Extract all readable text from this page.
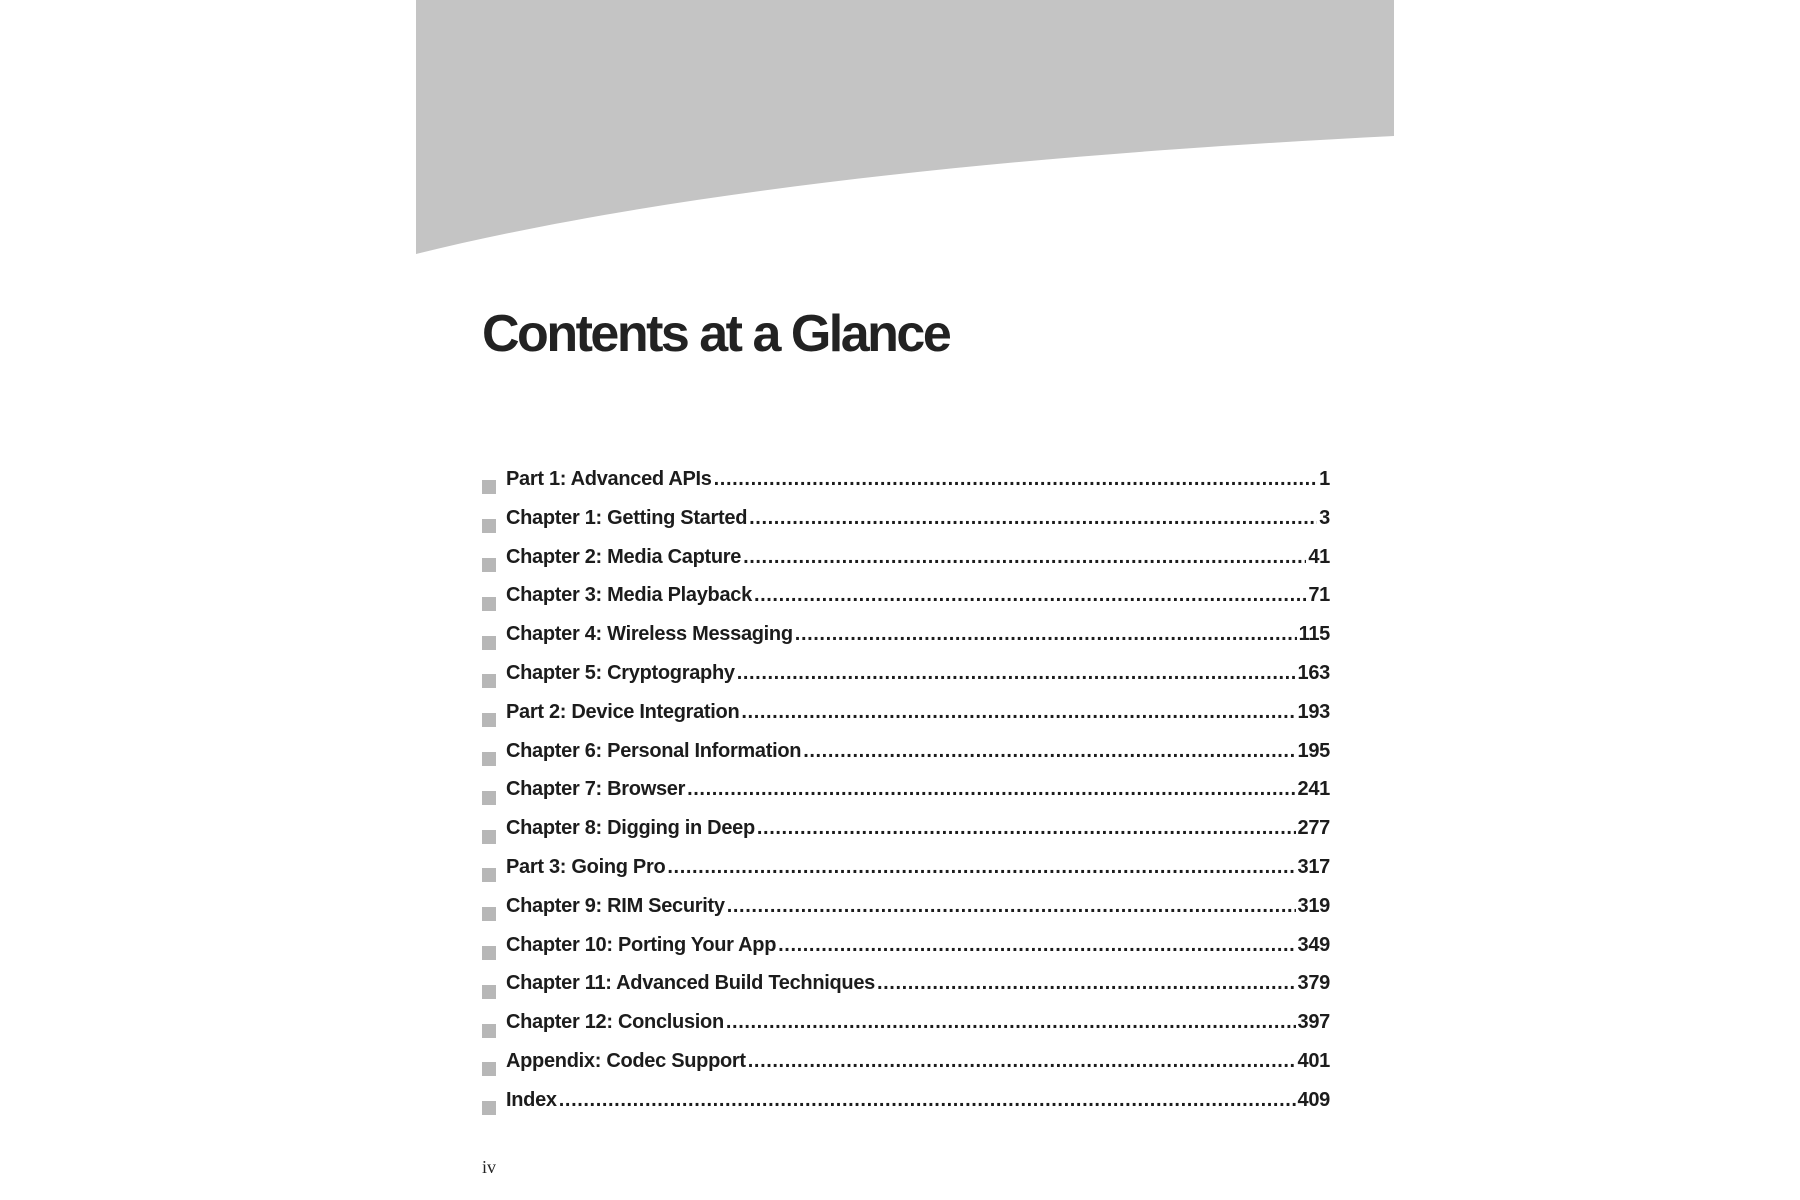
Contents at a Glance
Part 1: Advanced APIs .....	1
Chapter 1: Getting Started .....	3
Chapter 2: Media Capture .....	41
Chapter 3: Media Playback .....	71
Chapter 4: Wireless Messaging .....	115
Chapter 5: Cryptography .....	163
Part 2: Device Integration .....	193
Chapter 6: Personal Information .....	195
Chapter 7: Browser .....	241
Chapter 8: Digging in Deep .....	277
Part 3: Going Pro .....	317
Chapter 9: RIM Security .....	319
Chapter 10: Porting Your App .....	349
Chapter 11: Advanced Build Techniques .....	379
Chapter 12: Conclusion .....	397
Appendix: Codec Support .....	401
Index .....	409
iv
